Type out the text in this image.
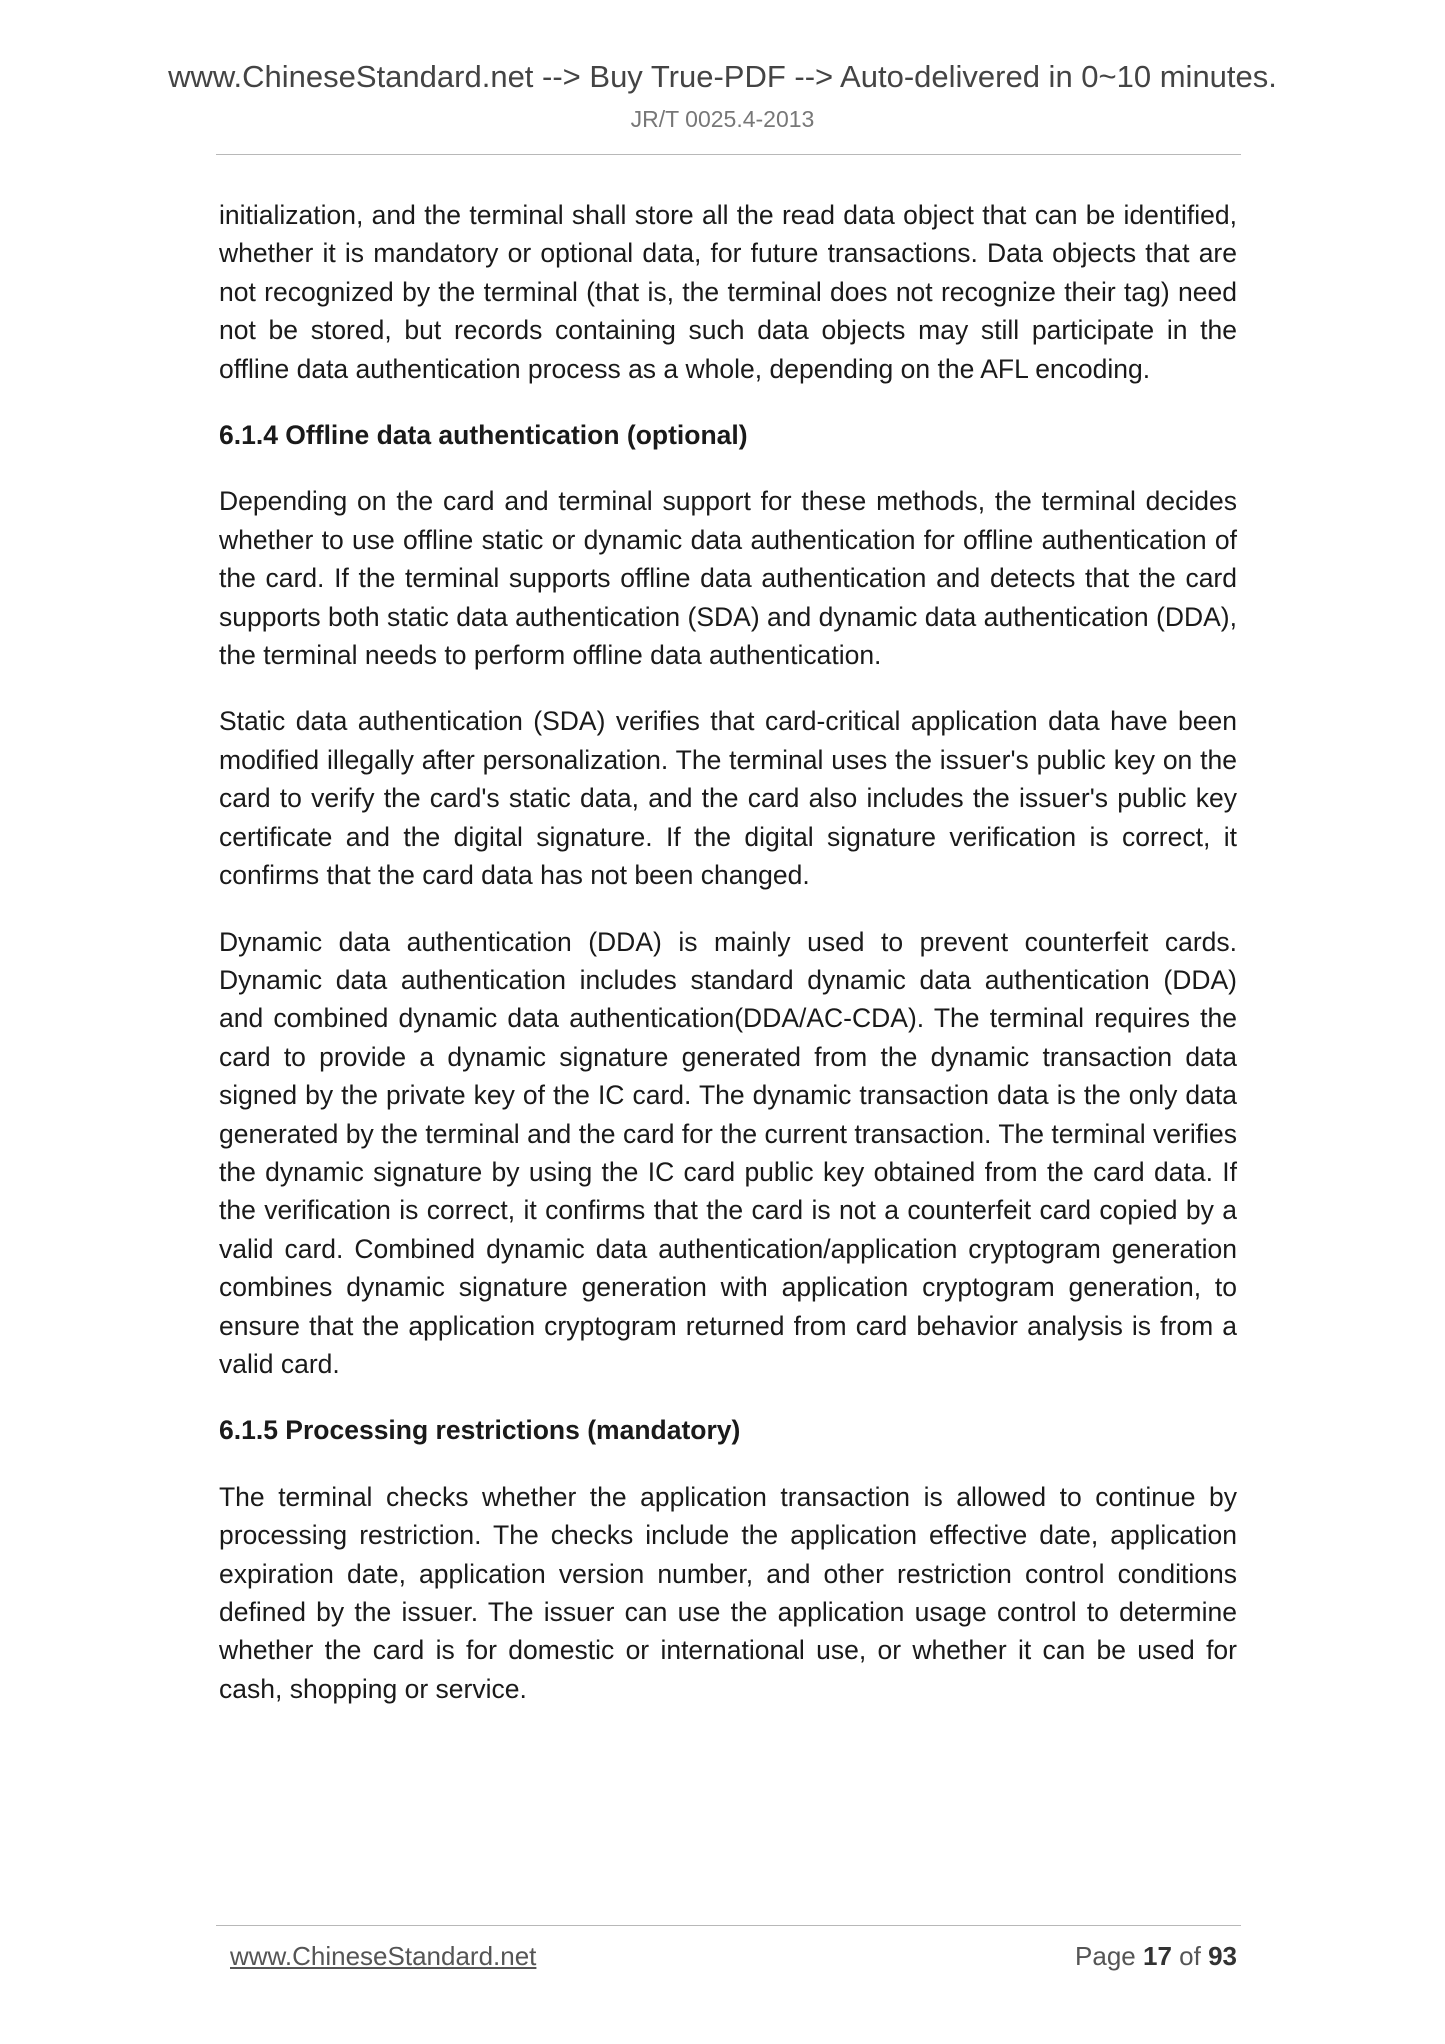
www.ChineseStandard.net --> Buy True-PDF --> Auto-delivered in 0~10 minutes.
JR/T 0025.4-2013

initialization, and the terminal shall store all the read data object that can be identified, whether it is mandatory or optional data, for future transactions. Data objects that are not recognized by the terminal (that is, the terminal does not recognize their tag) need not be stored, but records containing such data objects may still participate in the offline data authentication process as a whole, depending on the AFL encoding.

6.1.4 Offline data authentication (optional)

Depending on the card and terminal support for these methods, the terminal decides whether to use offline static or dynamic data authentication for offline authentication of the card. If the terminal supports offline data authentication and detects that the card supports both static data authentication (SDA) and dynamic data authentication (DDA), the terminal needs to perform offline data authentication.

Static data authentication (SDA) verifies that card-critical application data have been modified illegally after personalization. The terminal uses the issuer's public key on the card to verify the card's static data, and the card also includes the issuer's public key certificate and the digital signature. If the digital signature verification is correct, it confirms that the card data has not been changed.

Dynamic data authentication (DDA) is mainly used to prevent counterfeit cards. Dynamic data authentication includes standard dynamic data authentication (DDA) and combined dynamic data authentication(DDA/AC-CDA). The terminal requires the card to provide a dynamic signature generated from the dynamic transaction data signed by the private key of the IC card. The dynamic transaction data is the only data generated by the terminal and the card for the current transaction. The terminal verifies the dynamic signature by using the IC card public key obtained from the card data. If the verification is correct, it confirms that the card is not a counterfeit card copied by a valid card. Combined dynamic data authentication/application cryptogram generation combines dynamic signature generation with application cryptogram generation, to ensure that the application cryptogram returned from card behavior analysis is from a valid card.

6.1.5 Processing restrictions (mandatory)

The terminal checks whether the application transaction is allowed to continue by processing restriction. The checks include the application effective date, application expiration date, application version number, and other restriction control conditions defined by the issuer. The issuer can use the application usage control to determine whether the card is for domestic or international use, or whether it can be used for cash, shopping or service.

www.ChineseStandard.net	Page 17 of 93
